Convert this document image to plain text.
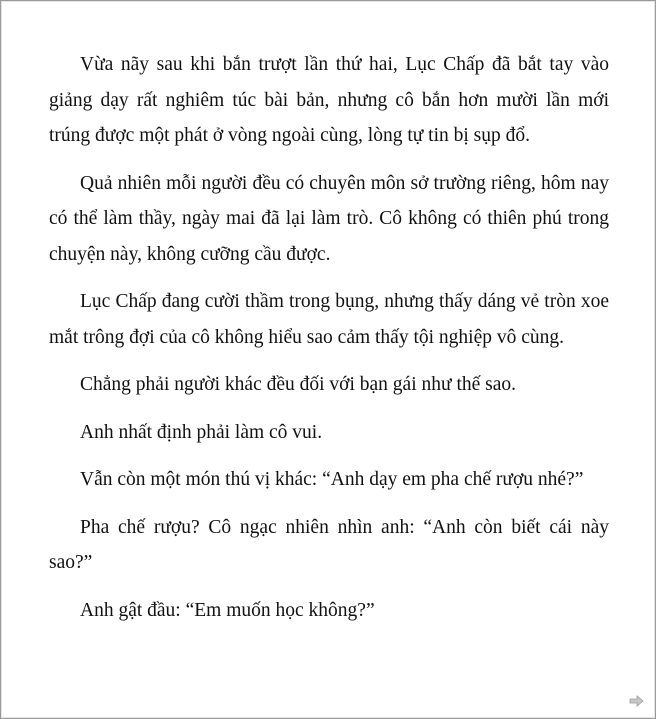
Vừa nãy sau khi bắn trượt lần thứ hai, Lục Chấp đã bắt tay vào giảng dạy rất nghiêm túc bài bản, nhưng cô bắn hơn mười lần mới trúng được một phát ở vòng ngoài cùng, lòng tự tin bị sụp đổ.

Quả nhiên mỗi người đều có chuyên môn sở trường riêng, hôm nay có thể làm thầy, ngày mai đã lại làm trò. Cô không có thiên phú trong chuyện này, không cưỡng cầu được.

Lục Chấp đang cười thầm trong bụng, nhưng thấy dáng vẻ tròn xoe mắt trông đợi của cô không hiểu sao cảm thấy tội nghiệp vô cùng.

Chẳng phải người khác đều đối với bạn gái như thế sao.

Anh nhất định phải làm cô vui.

Vẫn còn một món thú vị khác: “Anh dạy em pha chế rượu nhé?”

Pha chế rượu? Cô ngạc nhiên nhìn anh: “Anh còn biết cái này sao?”

Anh gật đầu: “Em muốn học không?”
